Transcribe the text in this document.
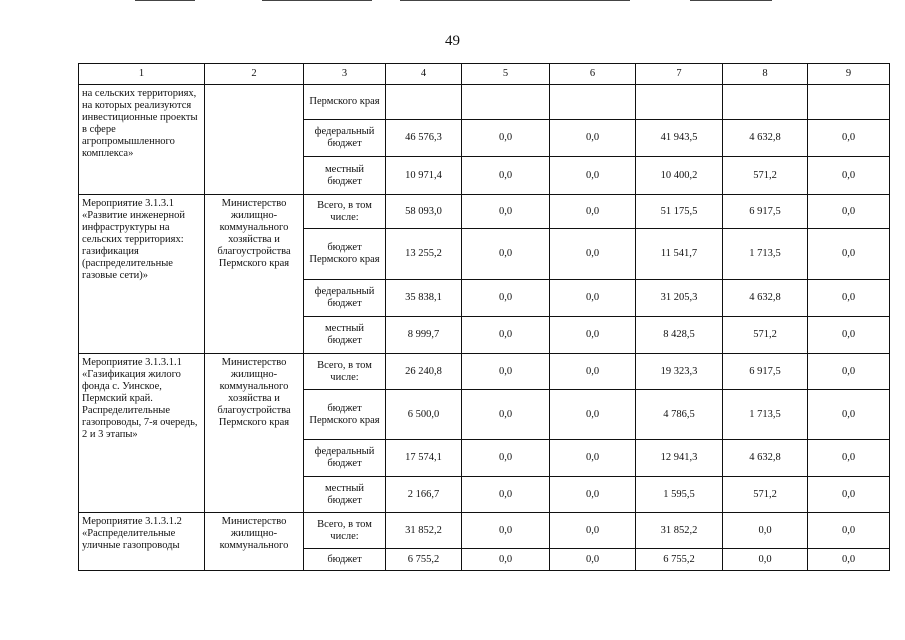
49
1	2	3	4	5	6	7	8	9
на сельских территориях, на которых реализуются инвестиционные проекты в сфере агропромышленного комплекса»		Пермского края						
		федеральный бюджет	46 576,3	0,0	0,0	41 943,5	4 632,8	0,0
		местный бюджет	10 971,4	0,0	0,0	10 400,2	571,2	0,0
Мероприятие 3.1.3.1 «Развитие инженерной инфраструктуры на сельских территориях: газификация (распределительные газовые сети)»	Министерство жилищно-коммунального хозяйства и благоустройства Пермского края	Всего, в том числе:	58 093,0	0,0	0,0	51 175,5	6 917,5	0,0
		бюджет Пермского края	13 255,2	0,0	0,0	11 541,7	1 713,5	0,0
		федеральный бюджет	35 838,1	0,0	0,0	31 205,3	4 632,8	0,0
		местный бюджет	8 999,7	0,0	0,0	8 428,5	571,2	0,0
Мероприятие 3.1.3.1.1 «Газификация жилого фонда с. Уинское, Пермский край. Распределительные газопроводы, 7-я очередь, 2 и 3 этапы»	Министерство жилищно-коммунального хозяйства и благоустройства Пермского края	Всего, в том числе:	26 240,8	0,0	0,0	19 323,3	6 917,5	0,0
		бюджет Пермского края	6 500,0	0,0	0,0	4 786,5	1 713,5	0,0
		федеральный бюджет	17 574,1	0,0	0,0	12 941,3	4 632,8	0,0
		местный бюджет	2 166,7	0,0	0,0	1 595,5	571,2	0,0
Мероприятие 3.1.3.1.2 «Распределительные уличные газопроводы	Министерство жилищно-коммунального	Всего, в том числе:	31 852,2	0,0	0,0	31 852,2	0,0	0,0
		бюджет	6 755,2	0,0	0,0	6 755,2	0,0	0,0
